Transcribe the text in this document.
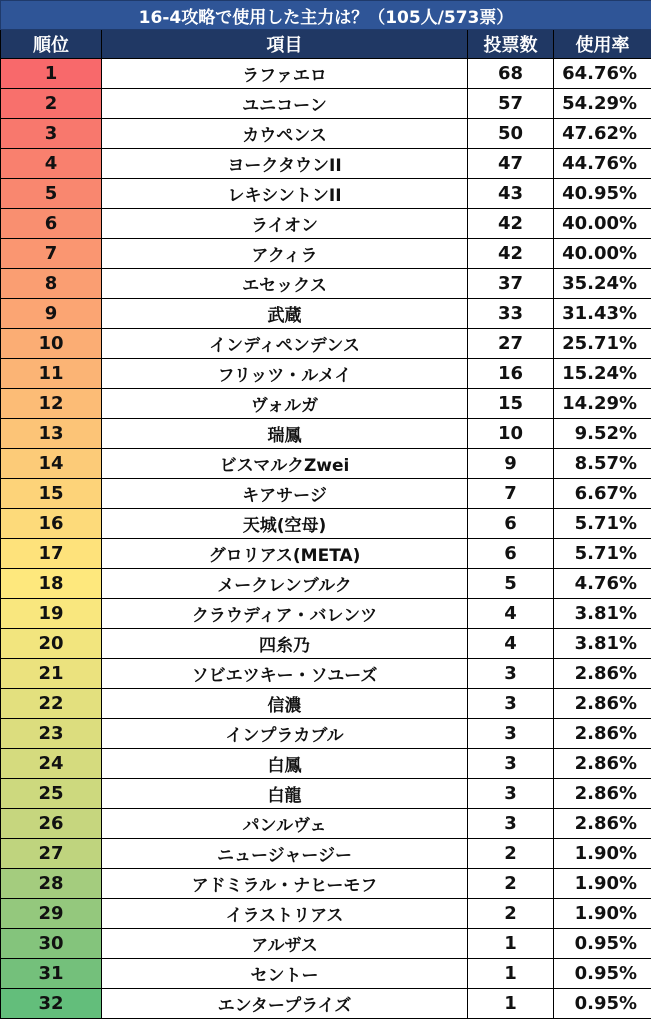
16-4攻略で使用した主力は？（105人/573票）			
順位	項目	投票数	使用率
1	ラファエロ	68	64.76%
2	ユニコーン	57	54.29%
3	カウペンス	50	47.62%
4	ヨークタウンII	47	44.76%
5	レキシントンII	43	40.95%
6	ライオン	42	40.00%
7	アクィラ	42	40.00%
8	エセックス	37	35.24%
9	武蔵	33	31.43%
10	インディペンデンス	27	25.71%
11	フリッツ・ルメイ	16	15.24%
12	ヴォルガ	15	14.29%
13	瑞鳳	10	9.52%
14	ビスマルクZwei	9	8.57%
15	キアサージ	7	6.67%
16	天城(空母)	6	5.71%
17	グロリアス(META)	6	5.71%
18	メークレンブルク	5	4.76%
19	クラウディア・バレンツ	4	3.81%
20	四糸乃	4	3.81%
21	ソビエツキー・ソユーズ	3	2.86%
22	信濃	3	2.86%
23	インプラカブル	3	2.86%
24	白鳳	3	2.86%
25	白龍	3	2.86%
26	パンルヴェ	3	2.86%
27	ニュージャージー	2	1.90%
28	アドミラル・ナヒーモフ	2	1.90%
29	イラストリアス	2	1.90%
30	アルザス	1	0.95%
31	セントー	1	0.95%
32	エンタープライズ	1	0.95%
